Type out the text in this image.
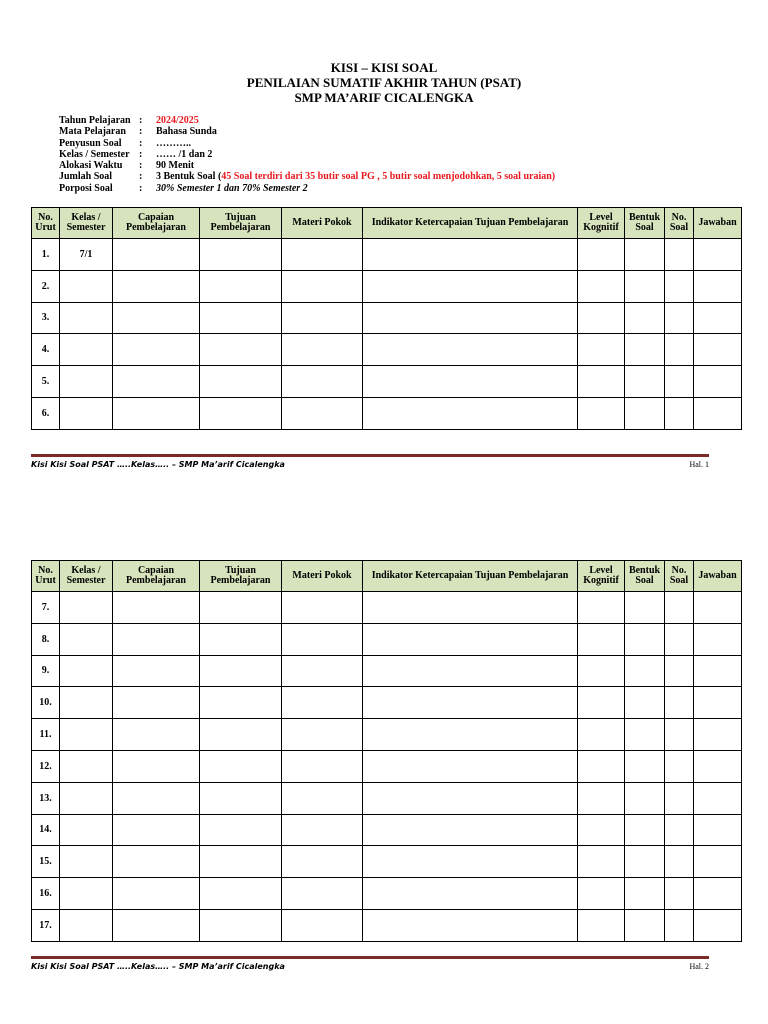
KISI – KISI SOAL
PENILAIAN SUMATIF AKHIR TAHUN (PSAT)
SMP MA’ARIF CICALENGKA
Tahun Pelajaran :	2024/2025
Mata Pelajaran	:	Bahasa Sunda
Penyusun Soal	:	………..
Kelas / Semester :	…… /1 dan 2
Alokasi Waktu	:	90 Menit
Jumlah Soal	:	3 Bentuk Soal (45 Soal terdiri dari 35 butir soal PG , 5 butir soal menjodohkan, 5 soal uraian)
Porposi Soal	:	30% Semester 1 dan 70% Semester 2
No. Urut	Kelas / Semester	Capaian Pembelajaran	Tujuan Pembelajaran	Materi Pokok	Indikator Ketercapaian Tujuan Pembelajaran	Level Kognitif	Bentuk Soal	No. Soal	Jawaban
1.	7/1								
2.									
3.									
4.									
5.									
6.									
Kisi Kisi Soal PSAT …..Kelas….. – SMP Ma’arif Cicalengka	Hal. 1
No. Urut	Kelas / Semester	Capaian Pembelajaran	Tujuan Pembelajaran	Materi Pokok	Indikator Ketercapaian Tujuan Pembelajaran	Level Kognitif	Bentuk Soal	No. Soal	Jawaban
7.									
8.									
9.									
10.									
11.									
12.									
13.									
14.									
15.									
16.									
17.									
Kisi Kisi Soal PSAT …..Kelas….. – SMP Ma’arif Cicalengka	Hal. 2
